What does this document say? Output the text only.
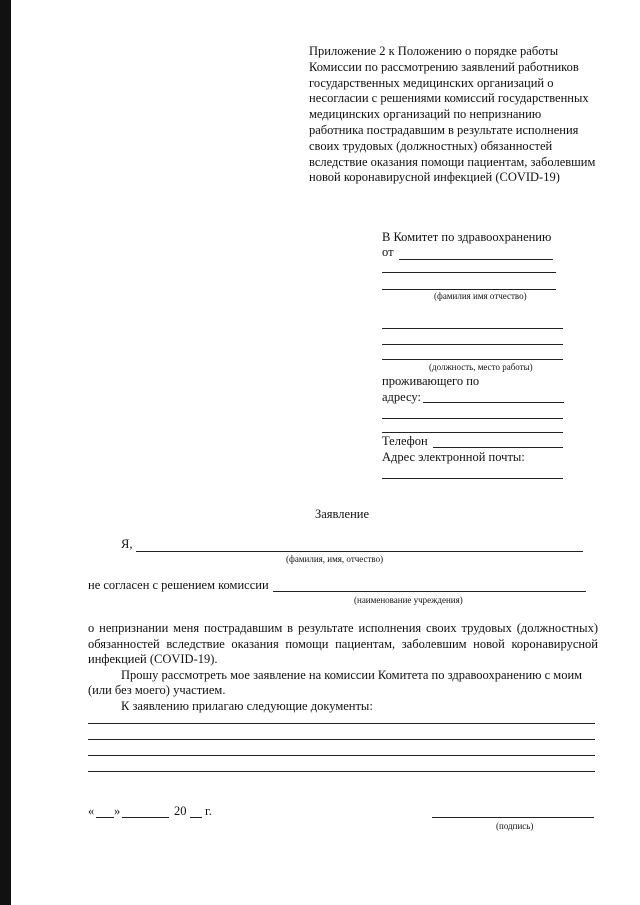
Приложение 2 к Положению о порядке работы
Комиссии по рассмотрению заявлений работников
государственных медицинских организаций о
несогласии с решениями комиссий государственных
медицинских организаций по непризнанию
работника пострадавшим в результате исполнения
своих трудовых (должностных) обязанностей
вследствие оказания помощи пациентам, заболевшим
новой коронавирусной инфекцией (COVID-19)
В Комитет по здравоохранению
от
(фамилия имя отчество)
(должность, место работы)
проживающего по
адресу:
Телефон
Адрес электронной почты:
Заявление
Я,
(фамилия, имя, отчество)
не согласен с решением комиссии
(наименование учреждения)
о непризнании меня пострадавшим в результате исполнения своих трудовых (должностных) обязанностей вследствие оказания помощи пациентам, заболевшим новой коронавирусной инфекцией (COVID-19).
Прошу рассмотреть мое заявление на комиссии Комитета по здравоохранению с моим
(или без моего) участием.
К заявлению прилагаю следующие документы:
« »	20 г.
(подпись)
